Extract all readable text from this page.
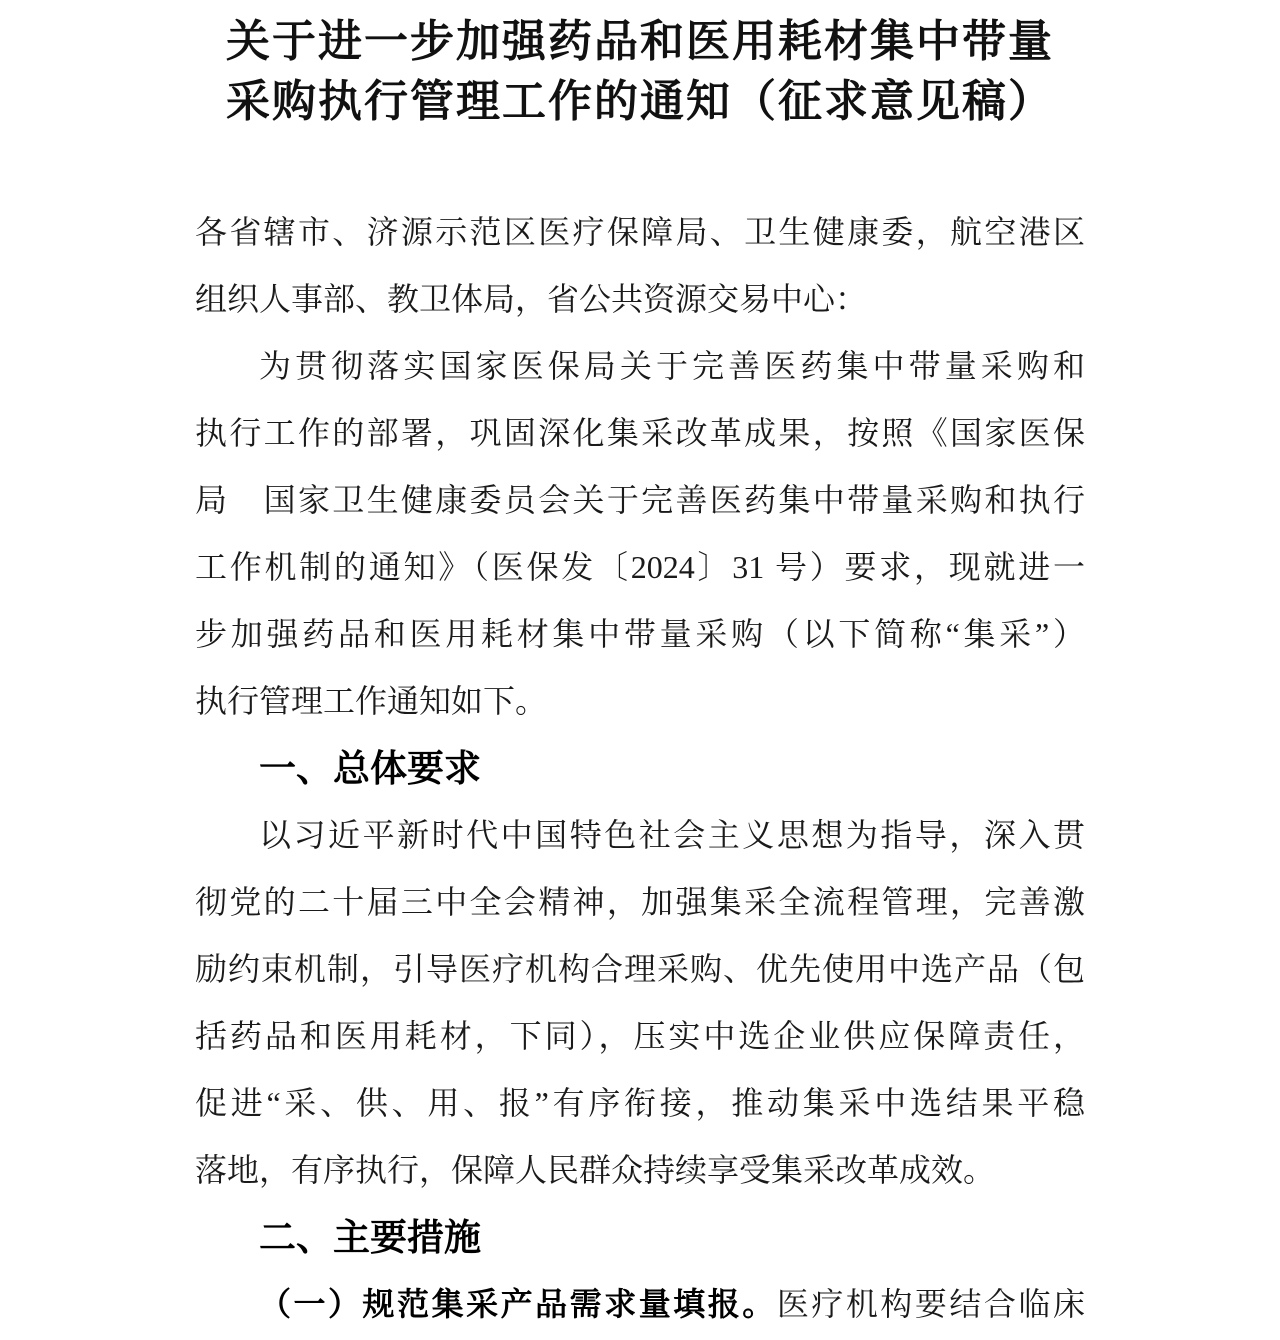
关于进一步加强药品和医用耗材集中带量
采购执行管理工作的通知（征求意见稿）
各省辖市、济源示范区医疗保障局、卫生健康委，航空港区
组织人事部、教卫体局，省公共资源交易中心：
为贯彻落实国家医保局关于完善医药集中带量采购和
执行工作的部署，巩固深化集采改革成果，按照《国家医保
局　国家卫生健康委员会关于完善医药集中带量采购和执行
工作机制的通知》（医保发〔2024〕31 号）要求，现就进一
步加强药品和医用耗材集中带量采购（以下简称“集采”）
执行管理工作通知如下。
一、总体要求
以习近平新时代中国特色社会主义思想为指导，深入贯
彻党的二十届三中全会精神，加强集采全流程管理，完善激
励约束机制，引导医疗机构合理采购、优先使用中选产品（包
括药品和医用耗材，下同），压实中选企业供应保障责任，
促进“采、供、用、报”有序衔接，推动集采中选结果平稳
落地，有序执行，保障人民群众持续享受集采改革成效。
二、主要措施
（一）规范集采产品需求量填报。医疗机构要结合临床
